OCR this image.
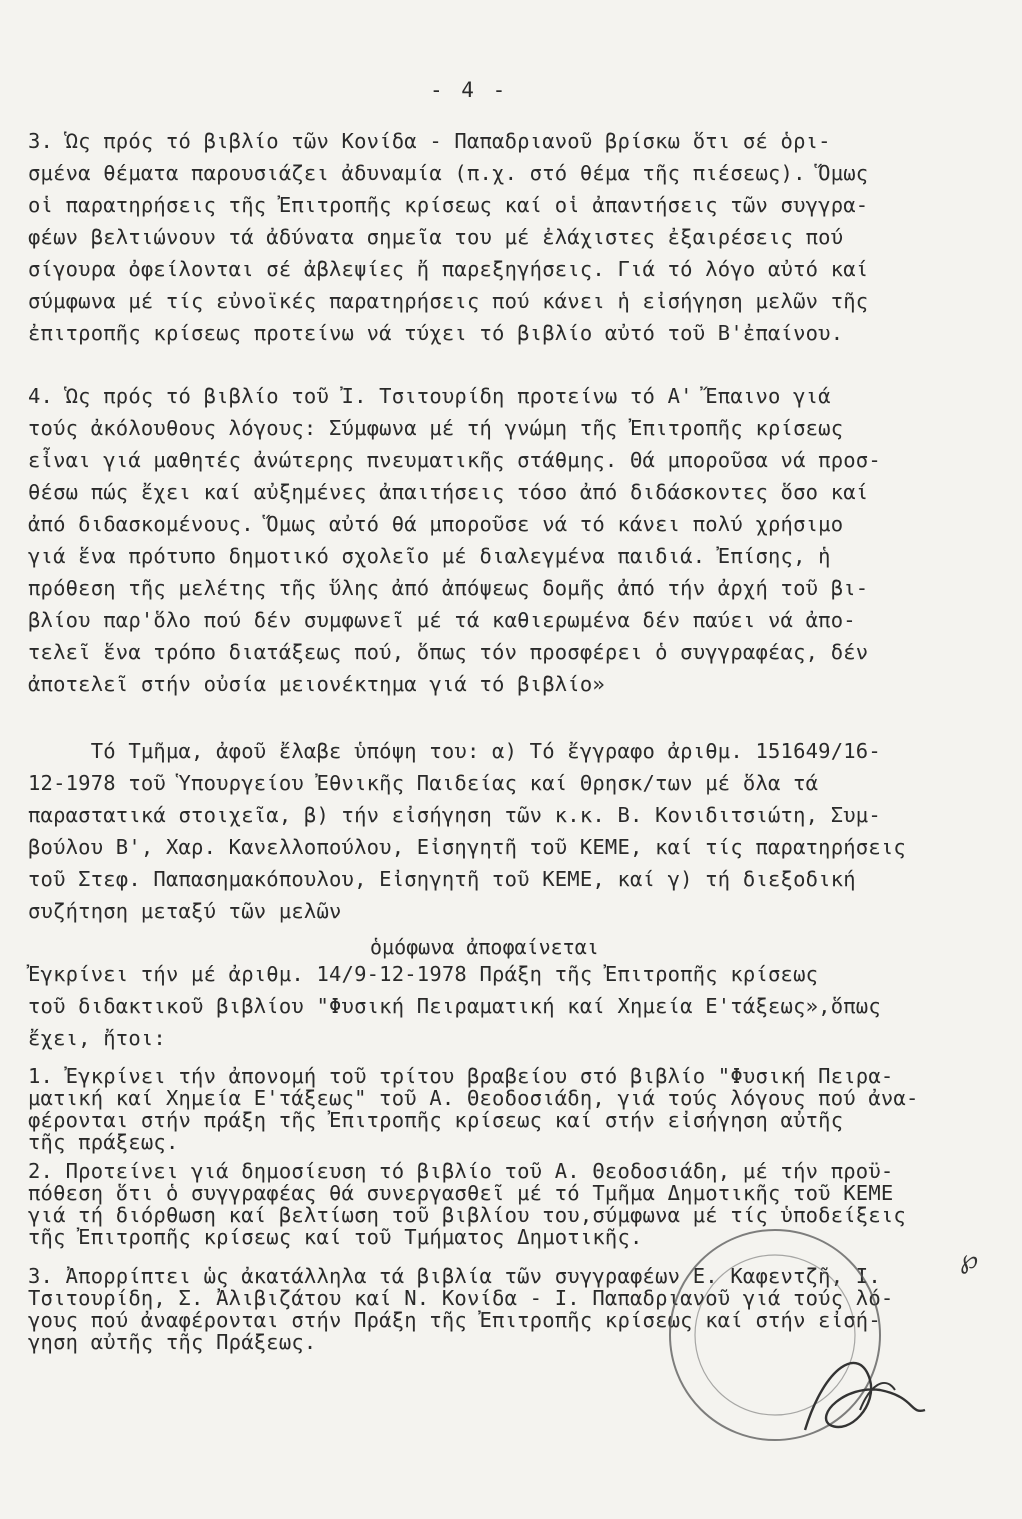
- 4 -
3. Ὡς πρός τό βιβλίο τῶν Κονίδα - Παπαδριανοῦ βρίσκω ὅτι σέ ὁρι-
σμένα θέματα παρουσιάζει ἀδυναμία (π.χ. στό θέμα τῆς πιέσεως). Ὅμως
οἱ παρατηρήσεις τῆς Ἐπιτροπῆς κρίσεως καί οἱ ἀπαντήσεις τῶν συγγρα-
φέων βελτιώνουν τά ἀδύνατα σημεῖα του μέ ἐλάχιστες ἐξαιρέσεις πού
σίγουρα ὀφείλονται σέ ἀβλεψίες ἤ παρεξηγήσεις. Γιά τό λόγο αὐτό καί
σύμφωνα μέ τίς εὐνοϊκές παρατηρήσεις πού κάνει ἡ εἰσήγηση μελῶν τῆς
ἐπιτροπῆς κρίσεως προτείνω νά τύχει τό βιβλίο αὐτό τοῦ Β'ἐπαίνου.
4. Ὡς πρός τό βιβλίο τοῦ Ἰ. Τσιτουρίδη προτείνω τό Α' Ἔπαινο γιά
τούς ἀκόλουθους λόγους: Σύμφωνα μέ τή γνώμη τῆς Ἐπιτροπῆς κρίσεως
εἶναι γιά μαθητές ἀνώτερης πνευματικῆς στάθμης. Θά μποροῦσα νά προσ-
θέσω πώς ἔχει καί αὐξημένες ἀπαιτήσεις τόσο ἀπό διδάσκοντες ὅσο καί
ἀπό διδασκομένους. Ὅμως αὐτό θά μποροῦσε νά τό κάνει πολύ χρήσιμο
γιά ἕνα πρότυπο δημοτικό σχολεῖο μέ διαλεγμένα παιδιά. Ἐπίσης, ἡ
πρόθεση τῆς μελέτης τῆς ὕλης ἀπό ἀπόψεως δομῆς ἀπό τήν ἀρχή τοῦ βι-
βλίου παρ'ὅλο πού δέν συμφωνεῖ μέ τά καθιερωμένα δέν παύει νά ἀπο-
τελεῖ ἕνα τρόπο διατάξεως πού, ὅπως τόν προσφέρει ὁ συγγραφέας, δέν
ἀποτελεῖ στήν οὐσία μειονέκτημα γιά τό βιβλίο»
Τό Τμῆμα, ἀφοῦ ἔλαβε ὑπόψη του: α) Τό ἔγγραφο ἀριθμ. 151649/16-
12-1978 τοῦ Ὑπουργείου Ἐθνικῆς Παιδείας καί Θρησκ/των μέ ὅλα τά
παραστατικά στοιχεῖα, β) τήν εἰσήγηση τῶν κ.κ. Β. Κονιδιτσιώτη, Συμ-
βούλου Β', Χαρ. Κανελλοπούλου, Εἰσηγητῆ τοῦ ΚΕΜΕ, καί τίς παρατηρήσεις
τοῦ Στεφ. Παπασημακόπουλου, Εἰσηγητῆ τοῦ ΚΕΜΕ, καί γ) τή διεξοδική
συζήτηση μεταξύ τῶν μελῶν
ὁμόφωνα ἀποφαίνεται
Ἐγκρίνει τήν μέ ἀριθμ. 14/9-12-1978 Πράξη τῆς Ἐπιτροπῆς κρίσεως
τοῦ διδακτικοῦ βιβλίου "Φυσική Πειραματική καί Χημεία Ε'τάξεως»,ὅπως
ἔχει, ἤτοι:
1. Ἐγκρίνει τήν ἀπονομή τοῦ τρίτου βραβείου στό βιβλίο "Φυσική Πειρα-
ματική καί Χημεία Ε'τάξεως" τοῦ Α. Θεοδοσιάδη, γιά τούς λόγους πού ἀνα-
φέρονται στήν πράξη τῆς Ἐπιτροπῆς κρίσεως καί στήν εἰσήγηση αὐτῆς
τῆς πράξεως.
2. Προτείνει γιά δημοσίευση τό βιβλίο τοῦ Α. Θεοδοσιάδη, μέ τήν προϋ-
πόθεση ὅτι ὁ συγγραφέας θά συνεργασθεῖ μέ τό Τμῆμα Δημοτικῆς τοῦ ΚΕΜΕ
γιά τή διόρθωση καί βελτίωση τοῦ βιβλίου του,σύμφωνα μέ τίς ὑποδείξεις
τῆς Ἐπιτροπῆς κρίσεως καί τοῦ Τμήματος Δημοτικῆς.
3. Ἀπορρίπτει ὡς ἀκατάλληλα τά βιβλία τῶν συγγραφέων Ε. Καφεντζῆ, Ι.
Τσιτουρίδη, Σ. Ἀλιβιζάτου καί Ν. Κονίδα - Ι. Παπαδριανοῦ γιά τούς λό-
γους πού ἀναφέρονται στήν Πράξη τῆς Ἐπιτροπῆς κρίσεως καί στήν εἰσή-
γηση αὐτῆς τῆς Πράξεως.
℘
